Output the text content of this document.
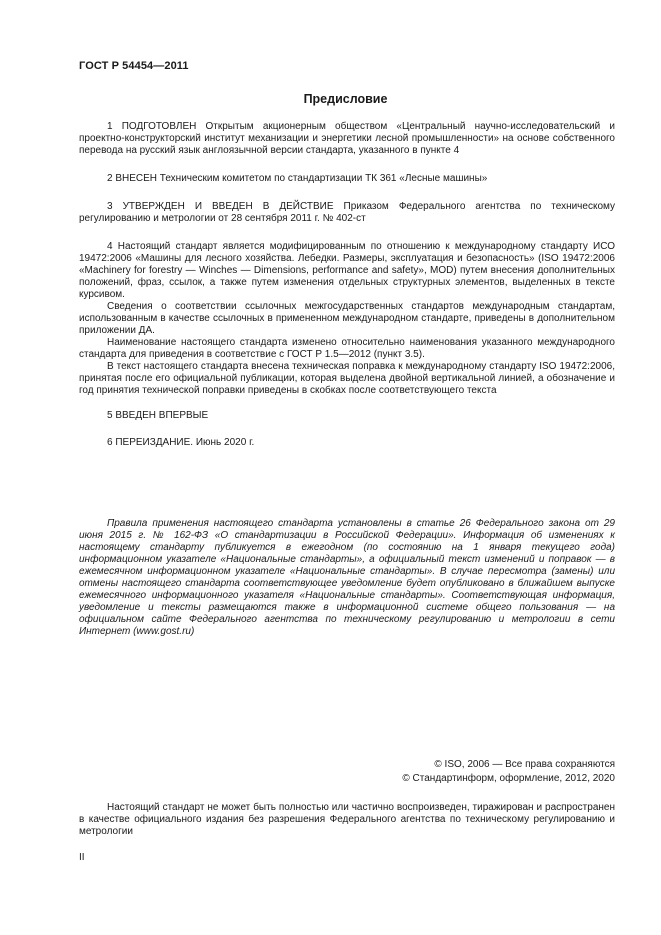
ГОСТ Р 54454—2011
Предисловие

1 ПОДГОТОВЛЕН Открытым акционерным обществом «Центральный научно-исследовательский и проектно-конструкторский институт механизации и энергетики лесной промышленности» на основе собственного перевода на русский язык англоязычной версии стандарта, указанного в пункте 4

2 ВНЕСЕН Техническим комитетом по стандартизации ТК 361 «Лесные машины»

3 УТВЕРЖДЕН И ВВЕДЕН В ДЕЙСТВИЕ Приказом Федерального агентства по техническому регулированию и метрологии от 28 сентября 2011 г. № 402-ст

4 Настоящий стандарт является модифицированным по отношению к международному стандарту ИСО 19472:2006 «Машины для лесного хозяйства. Лебедки. Размеры, эксплуатация и безопасность» (ISO 19472:2006 «Machinery for forestry — Winches — Dimensions, performance and safety», MOD) путем внесения дополнительных положений, фраз, ссылок, а также путем изменения отдельных структурных элементов, выделенных в тексте курсивом.

Сведения о соответствии ссылочных межгосударственных стандартов международным стандартам, использованным в качестве ссылочных в примененном международном стандарте, приведены в дополнительном приложении ДА.

Наименование настоящего стандарта изменено относительно наименования указанного международного стандарта для приведения в соответствие с ГОСТ Р 1.5—2012 (пункт 3.5).

В текст настоящего стандарта внесена техническая поправка к международному стандарту ISO 19472:2006, принятая после его официальной публикации, которая выделена двойной вертикальной линией, а обозначение и год принятия технической поправки приведены в скобках после соответствующего текста

5 ВВЕДЕН ВПЕРВЫЕ

6 ПЕРЕИЗДАНИЕ. Июнь 2020 г.

Правила применения настоящего стандарта установлены в статье 26 Федерального закона от 29 июня 2015 г. № 162-ФЗ «О стандартизации в Российской Федерации». Информация об изменениях к настоящему стандарту публикуется в ежегодном (по состоянию на 1 января текущего года) информационном указателе «Национальные стандарты», а официальный текст изменений и поправок — в ежемесячном информационном указателе «Национальные стандарты». В случае пересмотра (замены) или отмены настоящего стандарта соответствующее уведомление будет опубликовано в ближайшем выпуске ежемесячного информационного указателя «Национальные стандарты». Соответствующая информация, уведомление и тексты размещаются также в информационной системе общего пользования — на официальном сайте Федерального агентства по техническому регулированию и метрологии в сети Интернет (www.gost.ru)

© ISO, 2006 — Все права сохраняются
© Стандартинформ, оформление, 2012, 2020

Настоящий стандарт не может быть полностью или частично воспроизведен, тиражирован и распространен в качестве официального издания без разрешения Федерального агентства по техническому регулированию и метрологии

II
